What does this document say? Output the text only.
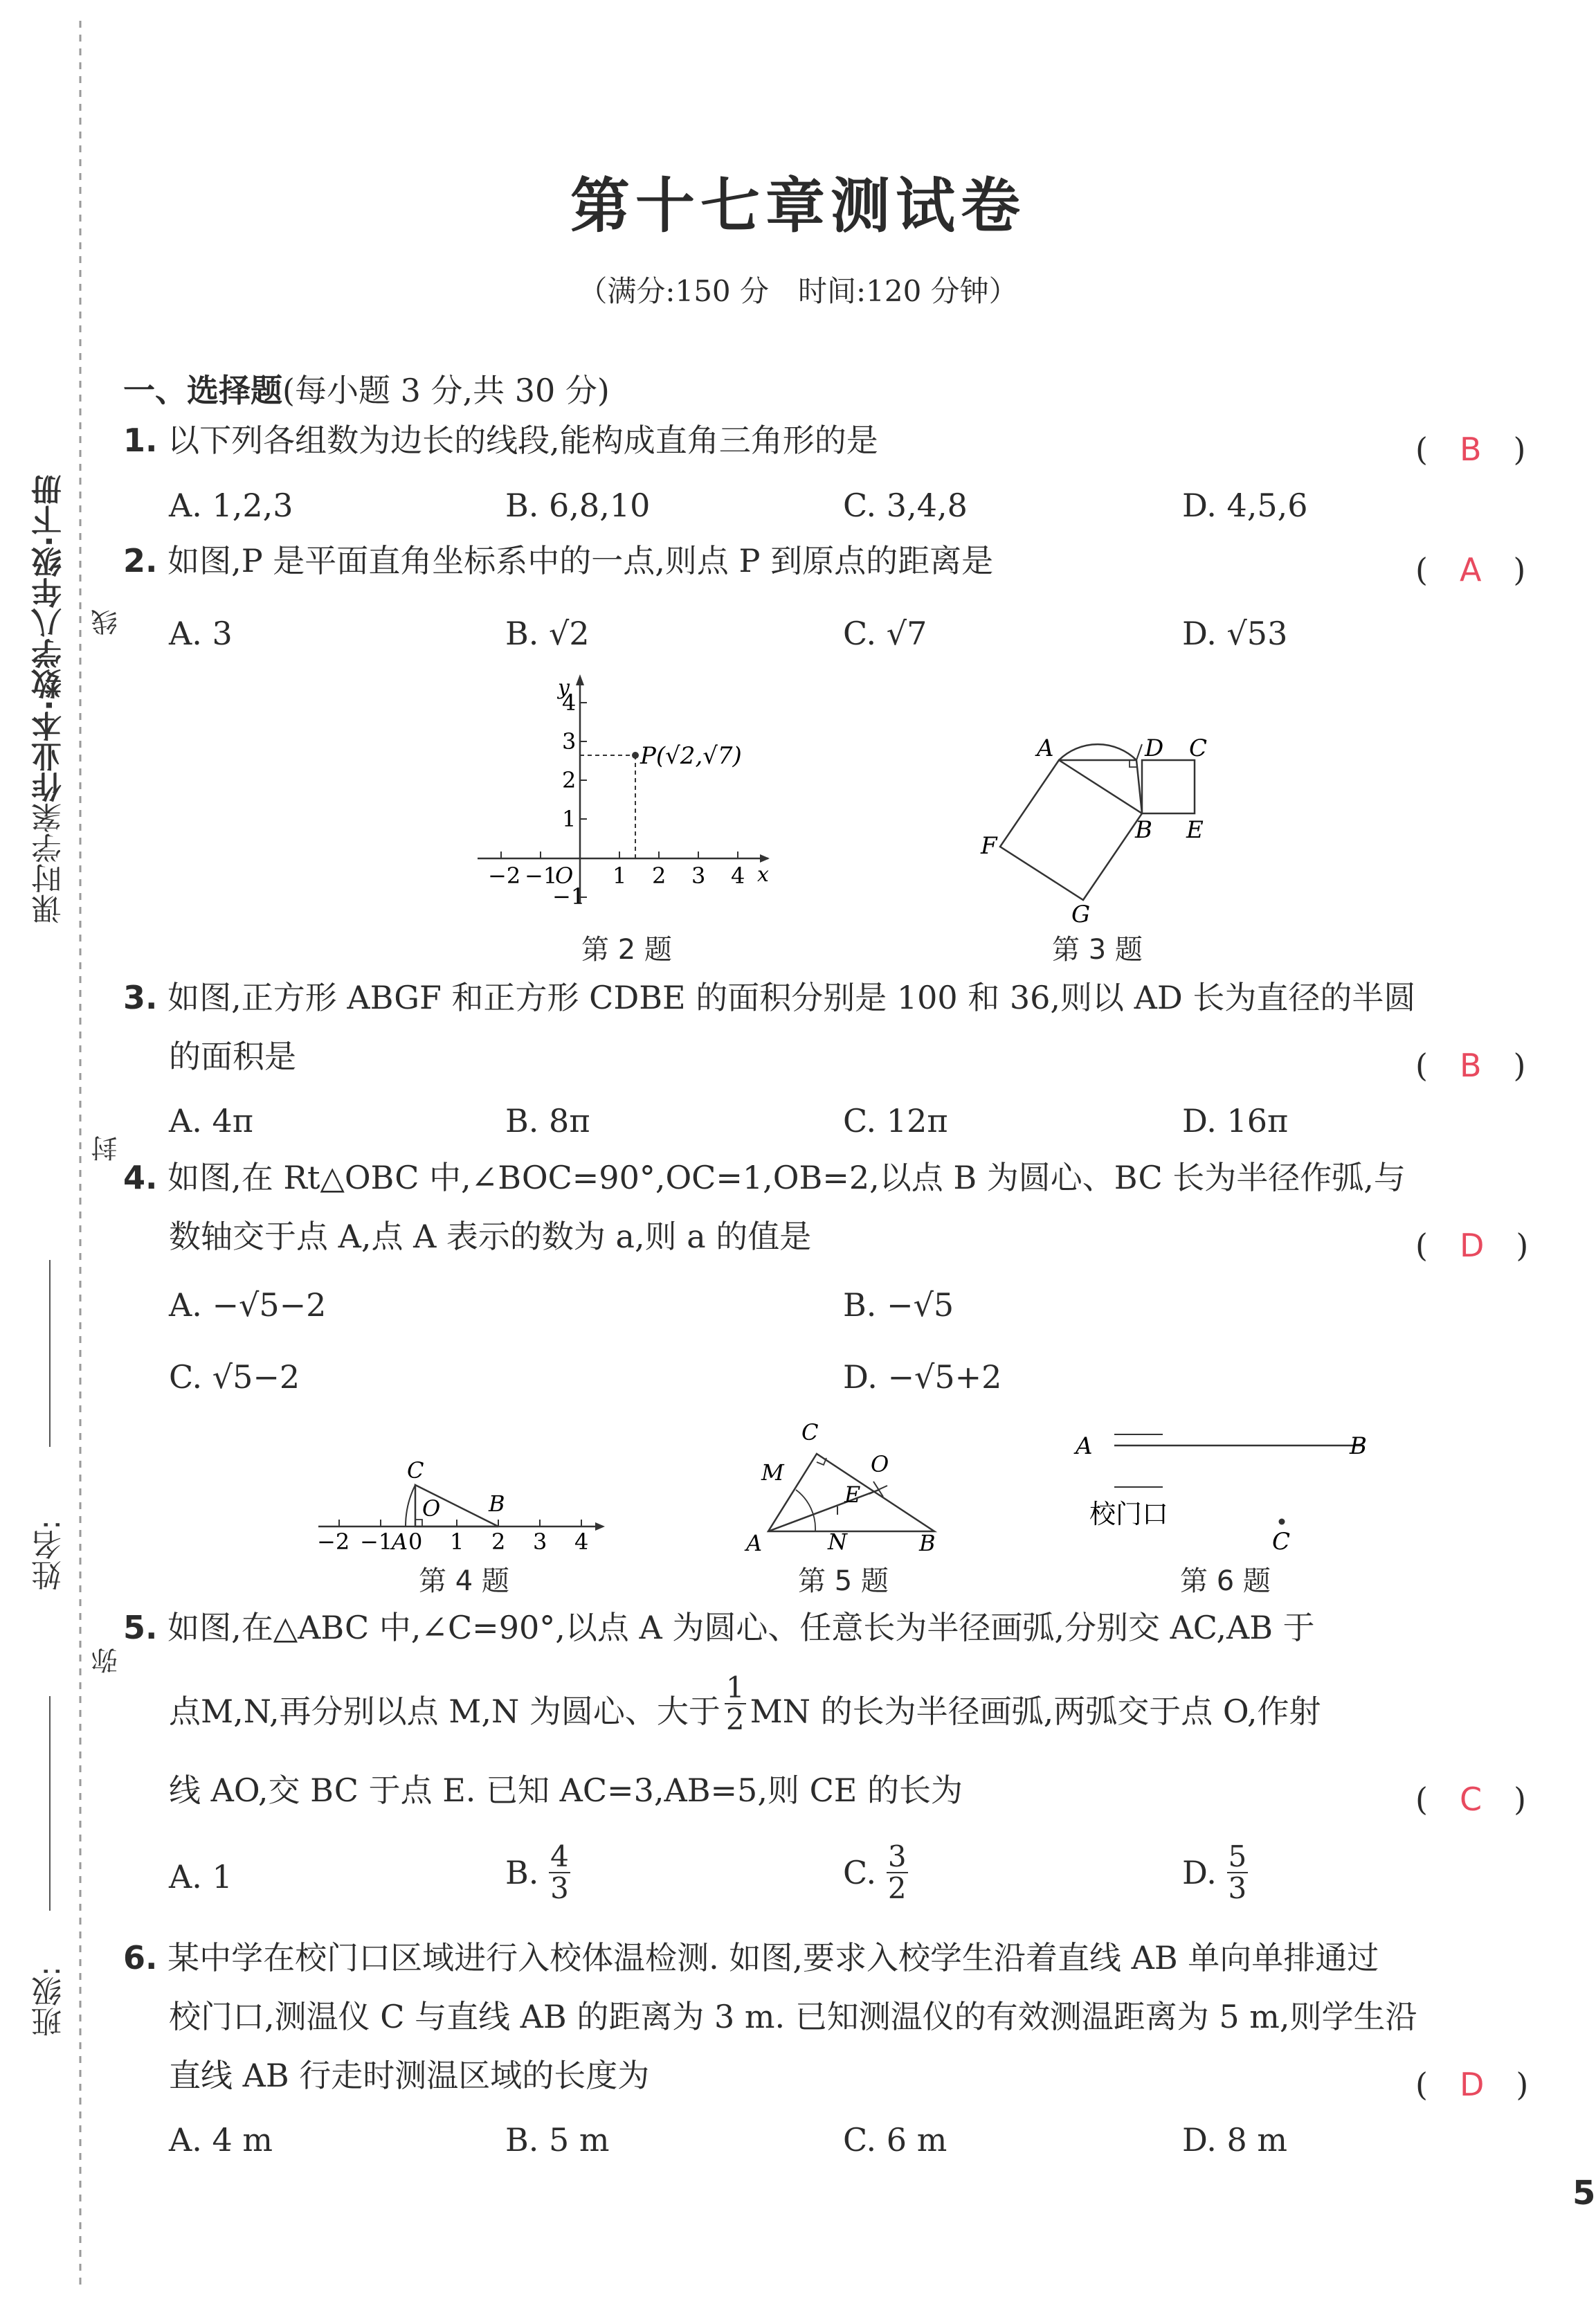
课时学案作业本·数学八年级·下册 线
封
弥
姓名:
班级:
第十七章测试卷
（满分:150 分　时间:120 分钟）
一、选择题(每小题 3 分,共 30 分)
1. 以下列各组数为边长的线段,能构成直角三角形的是	(　B　)
A. 1,2,3	B. 6,8,10	C. 3,4,8	D. 4,5,6
2. 如图,P 是平面直角坐标系中的一点,则点 P 到原点的距离是	(　A　)
A. 3	B. √2	C. √7	D. √53
P(√2,√7)
y
x
4
3
2
1
−1
−2 −1
O 1 2 3 4
第 2 题
A	D C
F
B E
G
第 3 题
3. 如图,正方形 ABGF 和正方形 CDBE 的面积分别是 100 和 36,则以 AD 长为直径的半圆
的面积是	(　B　)
A. 4π	B. 8π	C. 12π	D. 16π
4. 如图,在 Rt△OBC 中,∠BOC=90°,OC=1,OB=2,以点 B 为圆心、BC 长为半径作弧,与
数轴交于点 A,点 A 表示的数为 a,则 a 的值是	(　D　)
A. −√5−2	B. −√5
C. √5−2	D. −√5+2
C
O B
−2 −1
A 0 1 2 3 4
第 4 题
C
M	O
E
A	N	B
第 5 题
A	B
C
校门口
第 6 题
5. 如图,在△ABC 中,∠C=90°,以点 A 为圆心、任意长为半径画弧,分别交 AC,AB 于
点M,N,再分别以点 M,N 为圆心、大于 $\frac{1}{2}$ MN 的长为半径画弧,两弧交于点 O,作射
线 AO,交 BC 于点 E. 已知 AC=3,AB=5,则 CE 的长为	(　C　)
A. 1	B. $\frac{4}{3}$	C. $\frac{3}{2}$	D. $\frac{5}{3}$
6. 某中学在校门口区域进行入校体温检测. 如图,要求入校学生沿着直线 AB 单向单排通过
校门口,测温仪 C 与直线 AB 的距离为 3 m. 已知测温仪的有效测温距离为 5 m,则学生沿
直线 AB 行走时测温区域的长度为	(　D　)
A. 4 m	B. 5 m	C. 6 m	D. 8 m
5
